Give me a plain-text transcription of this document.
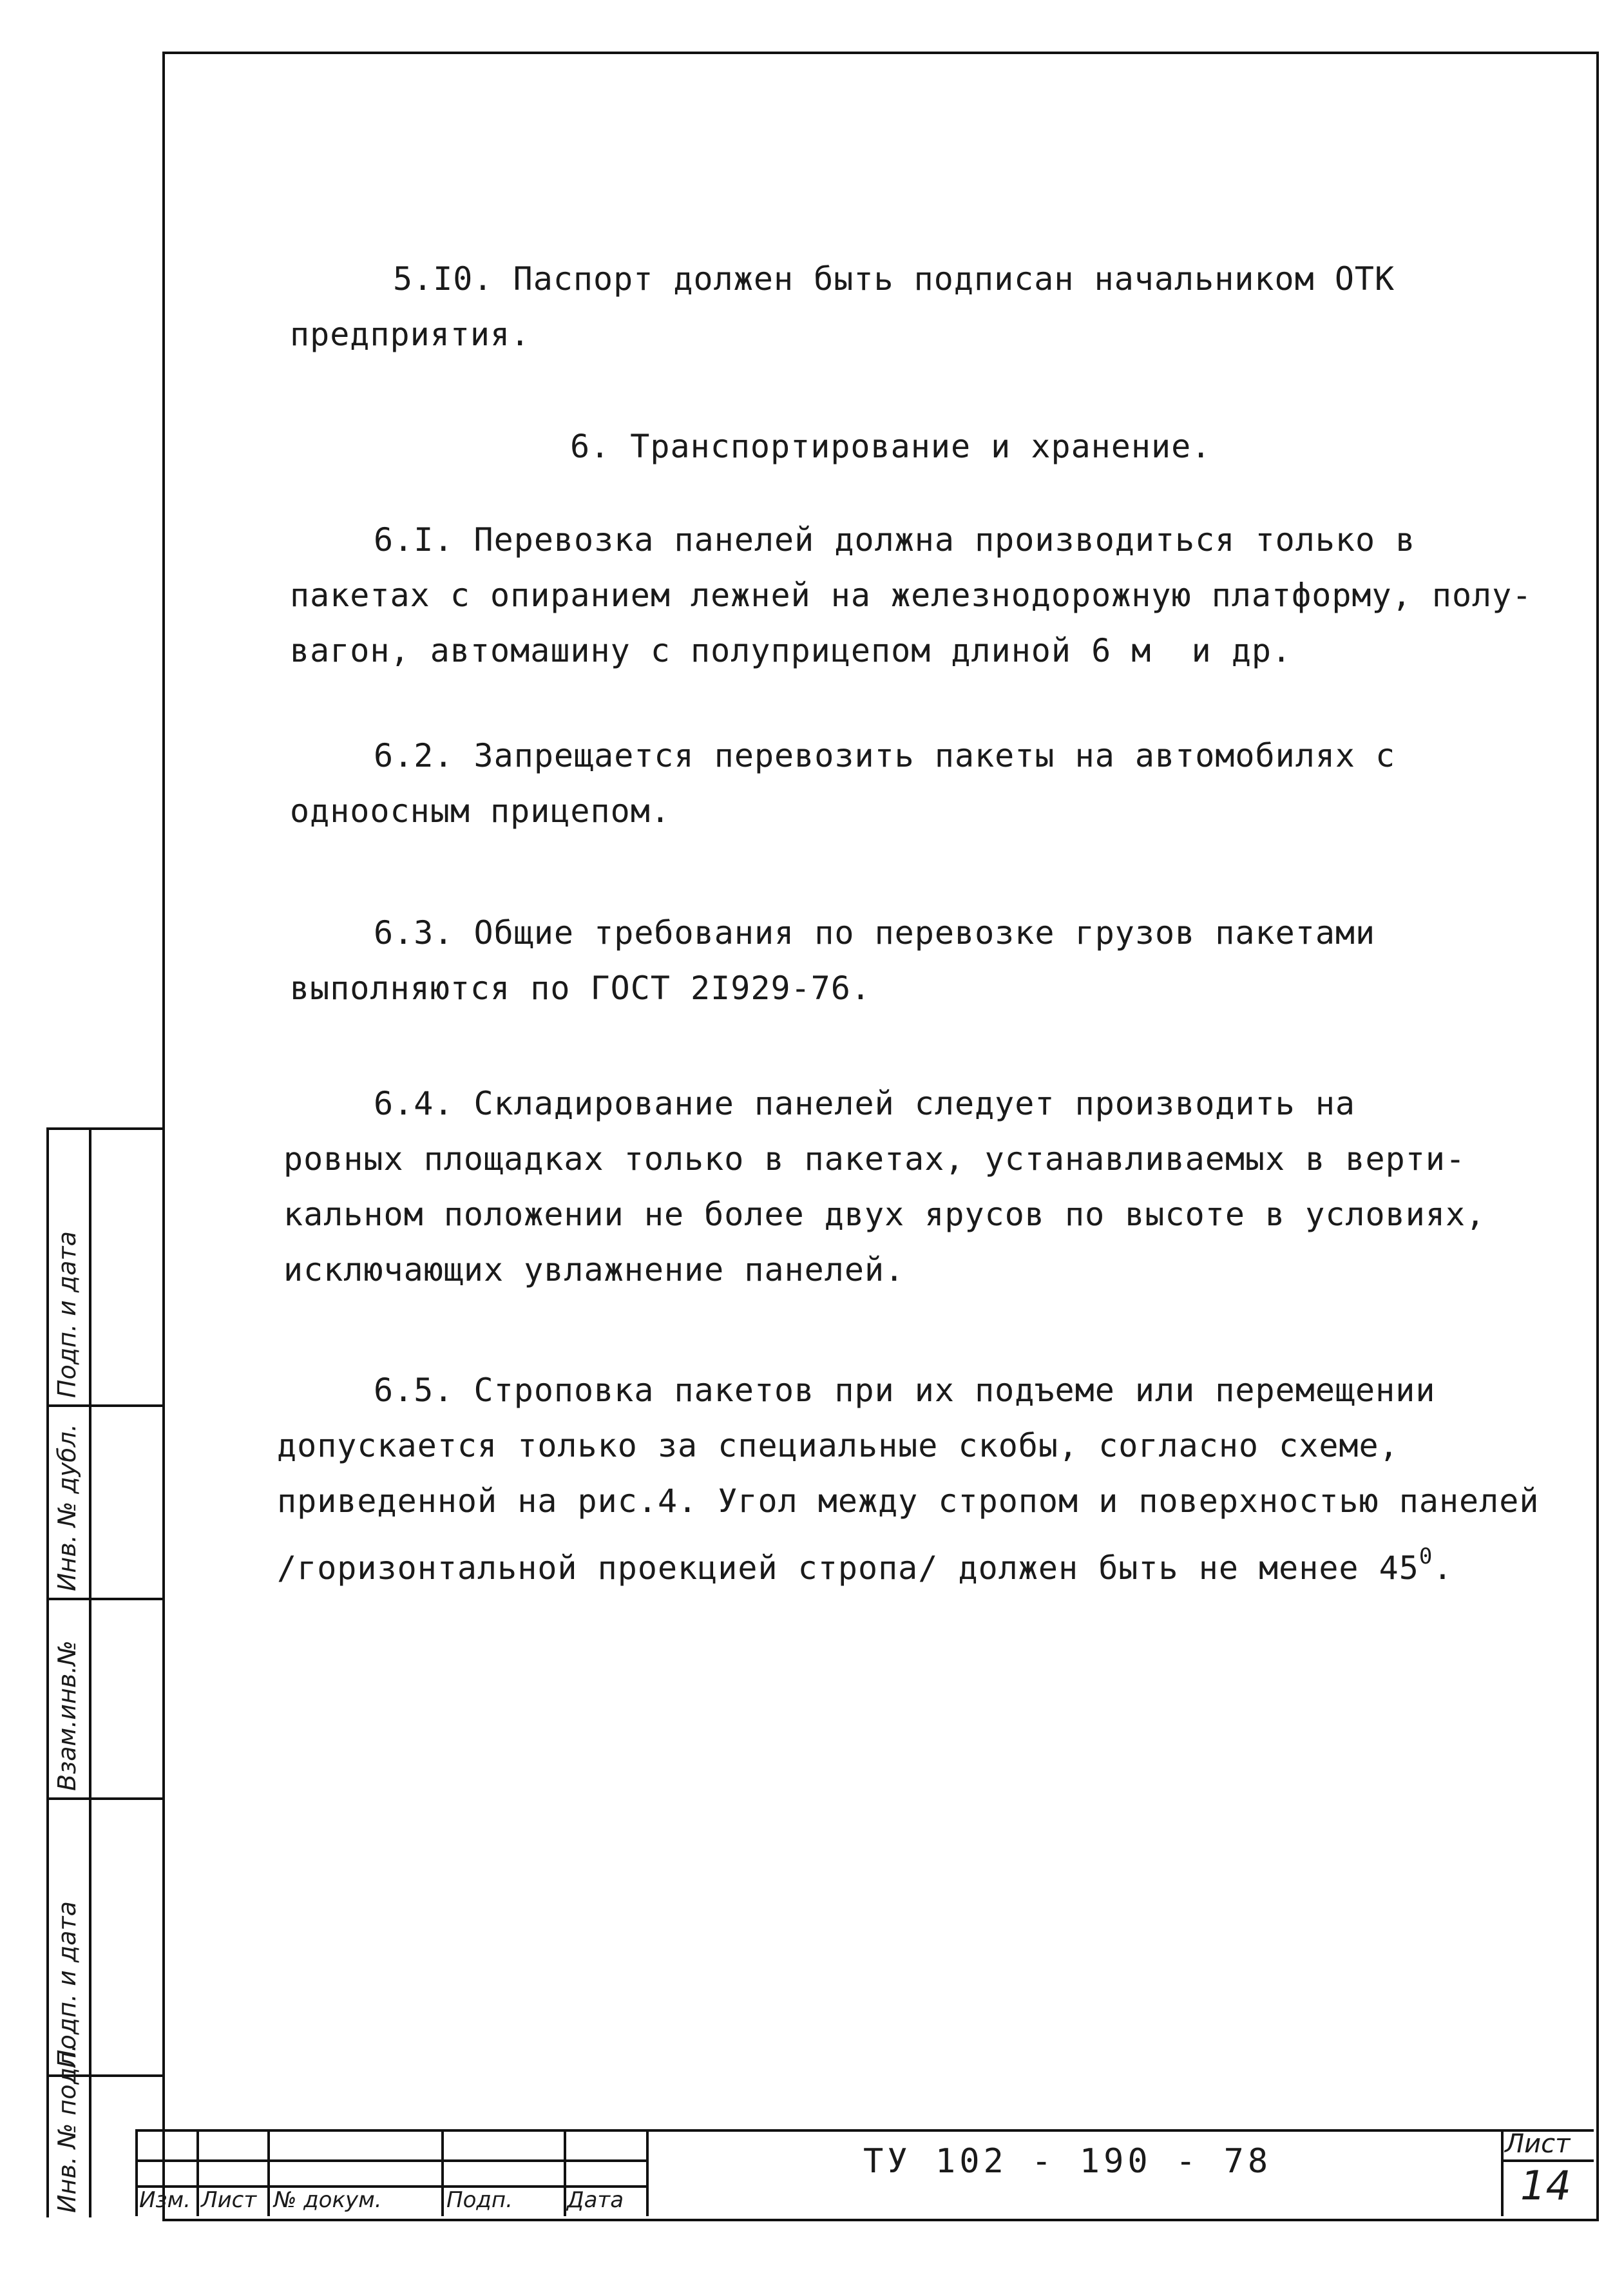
5.I0. Паспорт должен быть подписан начальником ОТК

предприятия.

6. Транспортирование и хранение.

6.I. Перевозка панелей должна производиться только в

пакетах с опиранием лежней на железнодорожную платформу, полу-

вагон, автомашину с полуприцепом длиной 6 м  и др.

6.2. Запрещается перевозить пакеты на автомобилях с

одноосным прицепом.

6.3. Общие требования по перевозке грузов пакетами

выполняются по ГОСТ 2I929-76.

6.4. Складирование панелей следует производить на

ровных площадках только в пакетах, устанавливаемых в верти-

кальном положении не более двух ярусов по высоте в условиях,

исключающих увлажнение панелей.

6.5. Строповка пакетов при их подъеме или перемещении

допускается только за специальные скобы, согласно схеме,

приведенной на рис.4. Угол между стропом и поверхностью панелей

/горизонтальной проекцией стропа/ должен быть не менее $45^0$.

Подп. и дата
Инв. № дубл.
Взам.инв.№
Подп. и дата
Инв. № подл.	Изм. Лист № докум.	Подп. Дата
ТУ 102 - 190 - 78	Лист
14
